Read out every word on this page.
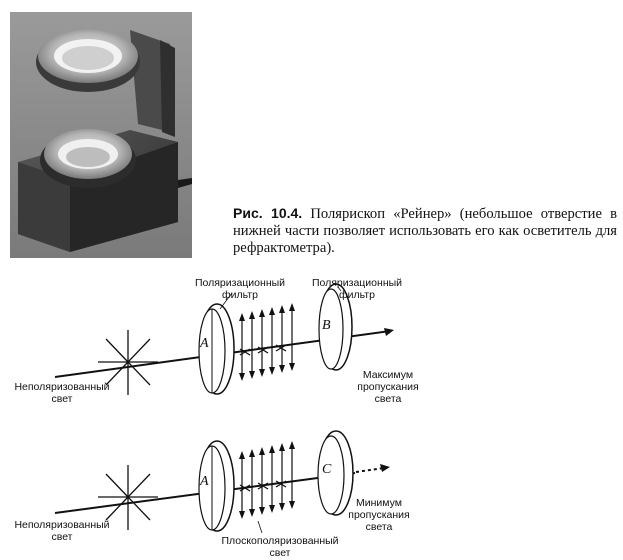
Рис. 10.4. Полярископ «Рейнер» (небольшое отверстие в нижней части позволяет использовать его как осветитель для рефрактометра).
A
B
Поляризационный
фильтр
Поляризационный
фильтр
Неполяризованный
свет
Максимум
пропускания
света
A
C
Неполяризованный
свет	Плоскополяризованный
свет
Минимум
пропускания
света
